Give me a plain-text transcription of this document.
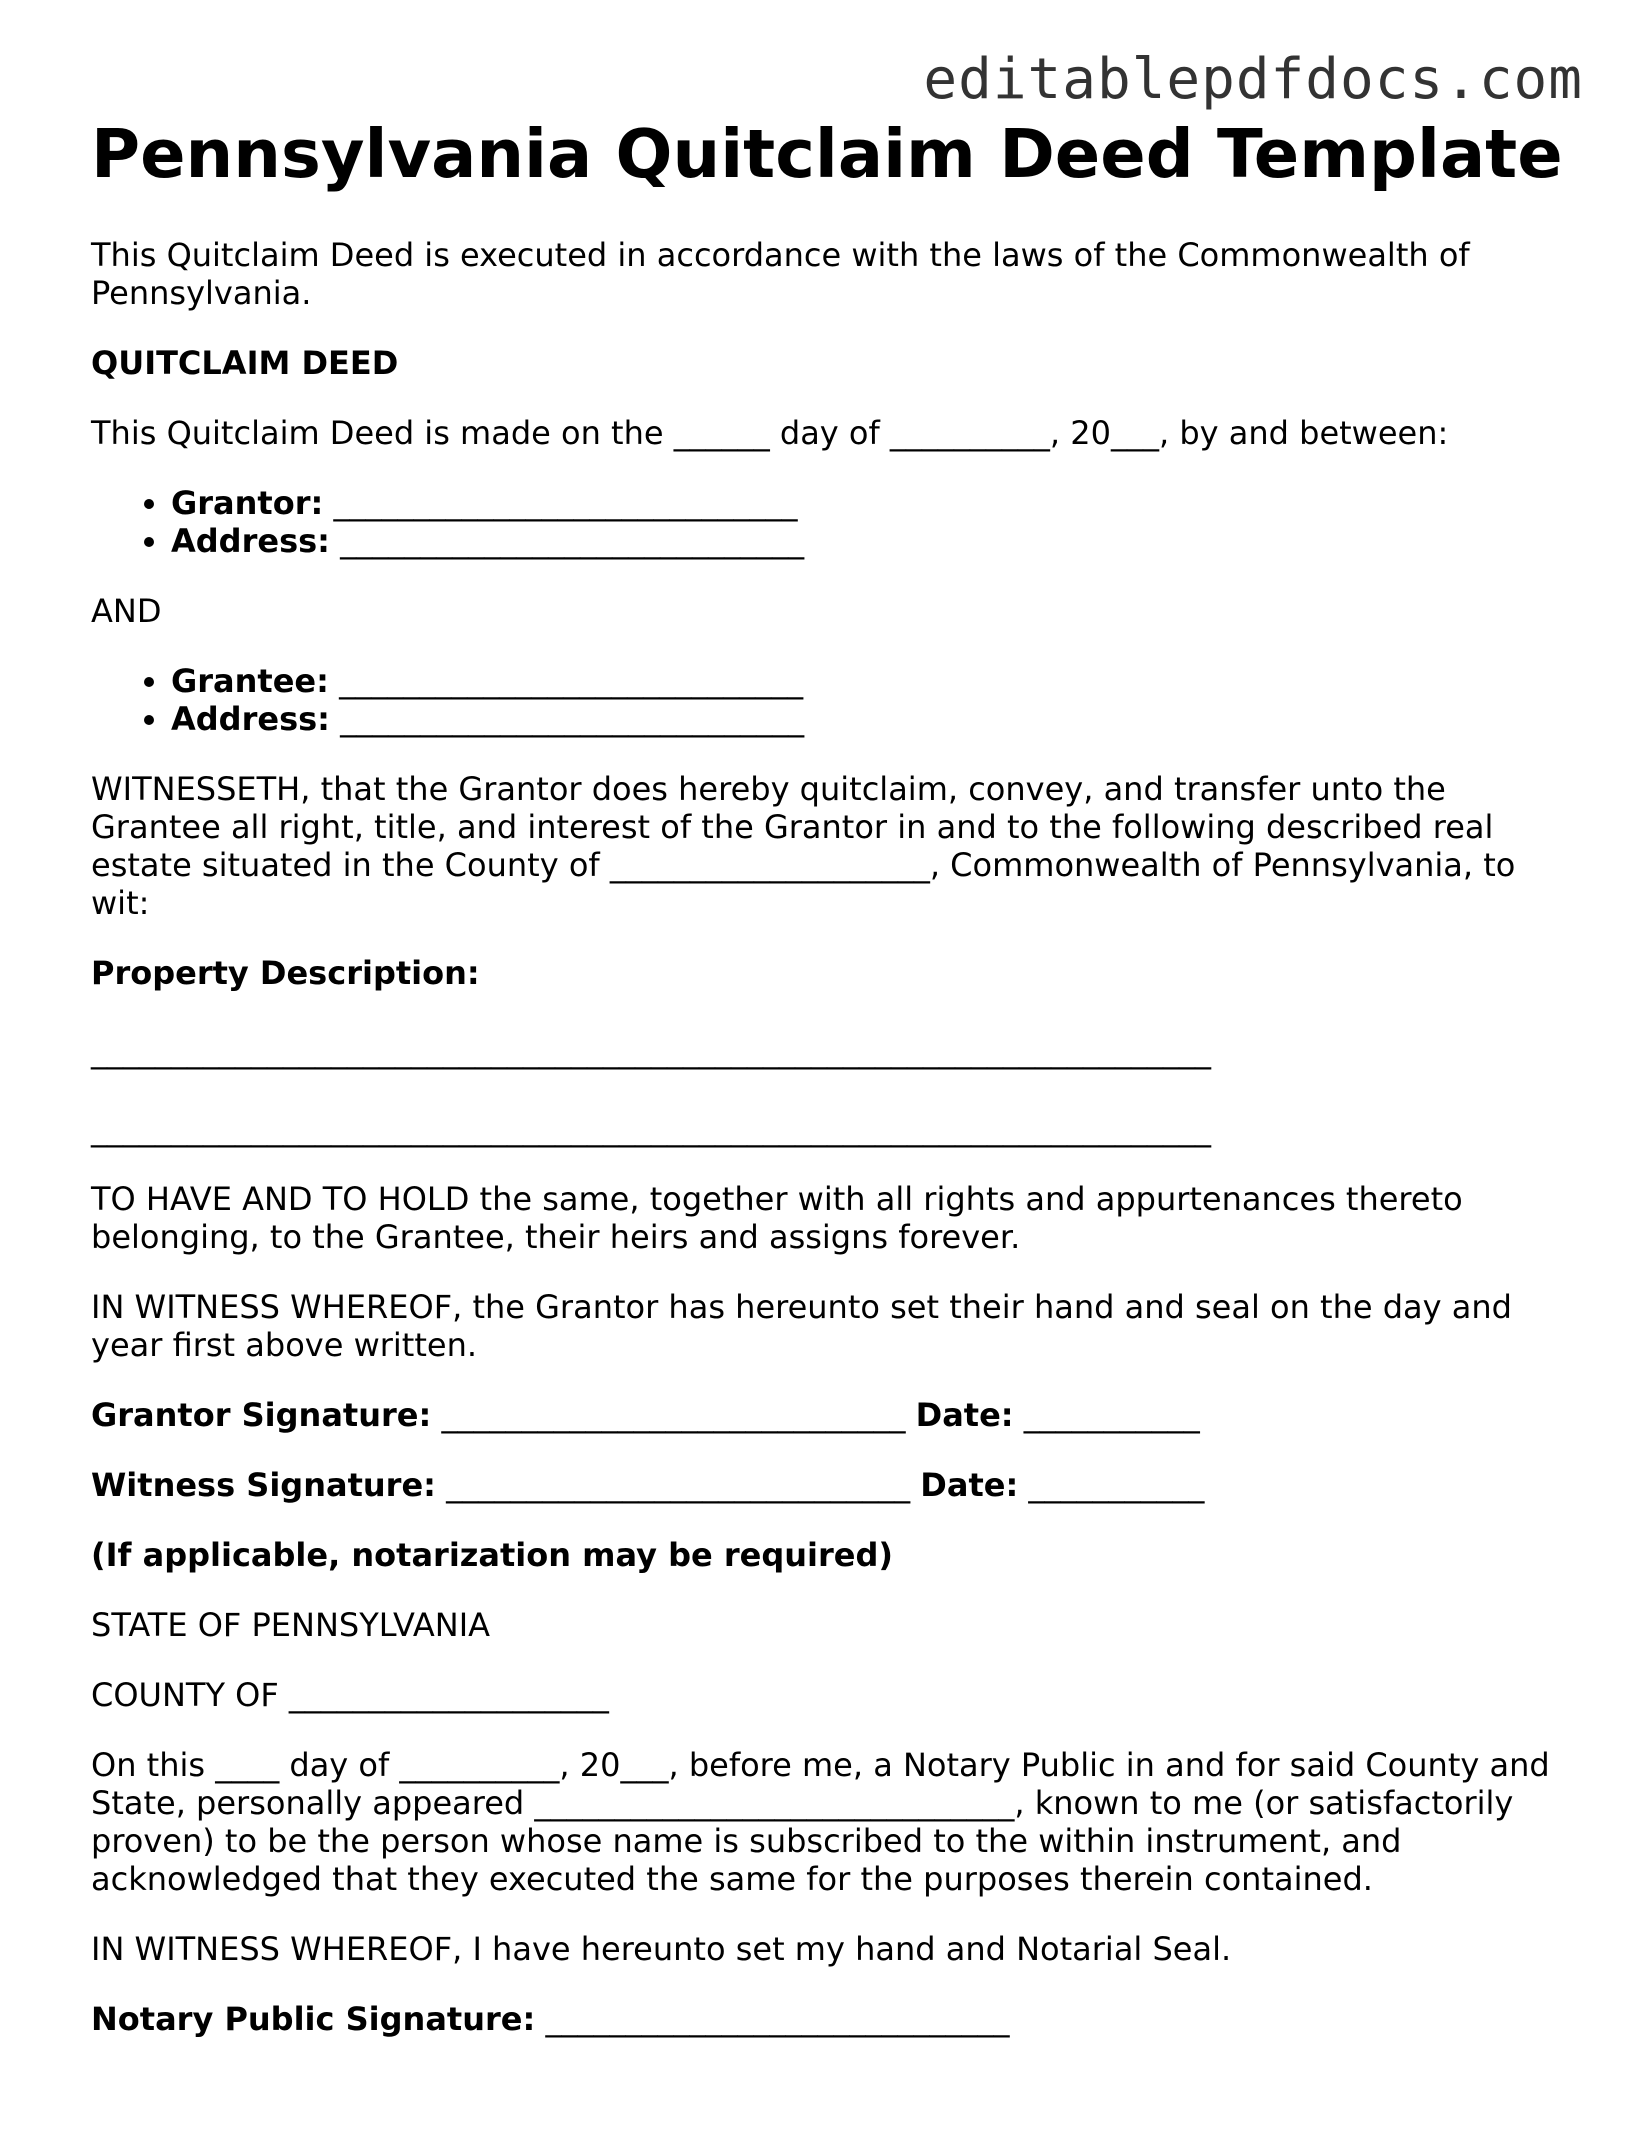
editablepdfdocs.com
Pennsylvania Quitclaim Deed Template

This Quitclaim Deed is executed in accordance with the laws of the Commonwealth of Pennsylvania.

QUITCLAIM DEED

This Quitclaim Deed is made on the ______ day of __________, 20___, by and between:

• Grantor: _____________________________
• Address: _____________________________

AND

• Grantee: _____________________________
• Address: _____________________________

WITNESSETH, that the Grantor does hereby quitclaim, convey, and transfer unto the Grantee all right, title, and interest of the Grantor in and to the following described real estate situated in the County of ____________________, Commonwealth of Pennsylvania, to wit:

Property Description:

______________________________________________________________________
______________________________________________________________________

TO HAVE AND TO HOLD the same, together with all rights and appurtenances thereto belonging, to the Grantee, their heirs and assigns forever.

IN WITNESS WHEREOF, the Grantor has hereunto set their hand and seal on the day and year first above written.

Grantor Signature: _____________________________ Date: ___________

Witness Signature: _____________________________ Date: ___________

(If applicable, notarization may be required)

STATE OF PENNSYLVANIA

COUNTY OF ____________________

On this ____ day of __________, 20___, before me, a Notary Public in and for said County and State, personally appeared ______________________________, known to me (or satisfactorily proven) to be the person whose name is subscribed to the within instrument, and acknowledged that they executed the same for the purposes therein contained.

IN WITNESS WHEREOF, I have hereunto set my hand and Notarial Seal.

Notary Public Signature: _____________________________
